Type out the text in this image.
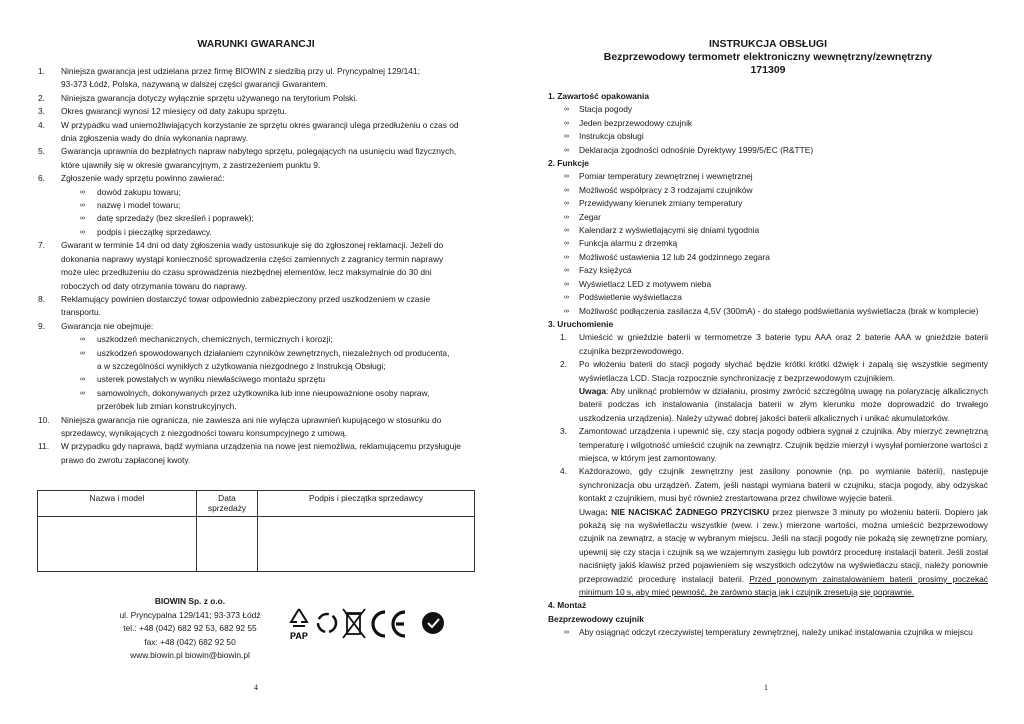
WARUNKI GWARANCJI
1.	Niniejsza gwarancja jest udzielana przez firmę BIOWIN z siedzibą przy ul. Pryncypalnej 129/141;
93-373 Łódź, Polska, nazywaną w dalszej części gwarancji Gwarantem.
2.	Niniejsza gwarancja dotyczy wyłącznie sprzętu używanego na terytorium Polski.
3.	Okres gwarancji wynosi 12 miesięcy od daty zakupu sprzętu.
4.	W przypadku wad uniemożliwiających korzystanie ze sprzętu okres gwarancji ulega przedłużeniu o czas od
dnia zgłoszenia wady do dnia wykonania naprawy.
5.	Gwarancja uprawnia do bezpłatnych napraw nabytego sprzętu, polegających na usunięciu wad fizycznych,
które ujawniły się w okresie gwarancyjnym, z zastrzeżeniem punktu 9.
6.	Zgłoszenie wady sprzętu powinno zawierać:
∞ dowód zakupu towaru;
∞ nazwę i model towaru;
∞ datę sprzedaży (bez skreśleń i poprawek);
∞ podpis i pieczątkę sprzedawcy.
7.	Gwarant w terminie 14 dni od daty zgłoszenia wady ustosunkuje się do zgłoszonej reklamacji. Jeżeli do
dokonania naprawy wystąpi konieczność sprowadzenia części zamiennych z zagranicy termin naprawy
może ulec przedłużeniu do czasu sprowadzenia niezbędnej elementów, lecz maksymalnie do 30 dni
roboczych od daty otrzymania towaru do naprawy.
8.	Reklamujący powinien dostarczyć towar odpowiednio zabezpieczony przed uszkodzeniem w czasie
transportu.
9.	Gwarancja nie obejmuje:
∞ uszkodzeń mechanicznych, chemicznych, termicznych i korozji;
∞ uszkodzeń spowodowanych działaniem czynników zewnętrznych, niezależnych od producenta,
a w szczególności wynikłych z użytkowania niezgodnego z Instrukcją Obsługi;
∞ usterek powstałych w wyniku niewłaściwego montażu sprzętu
∞ samowolnych, dokonywanych przez użytkownika lub inne nieupoważnione osoby napraw,
przeróbek lub zmian konstrukcyjnych.
10.	Niniejsza gwarancja nie ogranicza, nie zawiesza ani nie wyłącza uprawnień kupującego w stosunku do
sprzedawcy, wynikających z niezgodności towaru konsumpcyjnego z umową.
11.	W przypadku gdy naprawa, bądź wymiana urządzenia na nowe jest niemożliwa, reklamującemu przysługuje
prawo do zwrotu zapłaconej kwoty.
Nazwa i model	Data
sprzedaży	Podpis i pieczątka sprzedawcy

BIOWIN Sp. z o.o.
ul. Pryncypalna 129/141; 93-373 Łódź
tel.: +48 (042) 682 92 53, 682 92 55
fax: +48 (042) 682 92 50
www.biowin.pl biowin@biowin.pl
PAP
4
INSTRUKCJA OBSŁUGI
Bezprzewodowy termometr elektroniczny wewnętrzny/zewnętrzny
171309
1. Zawartość opakowania
∞ Stacja pogody
∞ Jeden bezprzewodowy czujnik
∞ Instrukcja obsługi
∞ Deklaracja zgodności odnośnie Dyrektywy 1999/5/EC (R&TTE)
2. Funkcje
∞ Pomiar temperatury zewnętrznej i wewnętrznej
∞ Możliwość współpracy z 3 rodzajami czujników
∞ Przewidywany kierunek zmiany temperatury
∞ Zegar
∞ Kalendarz z wyświetlającymi się dniami tygodnia
∞ Funkcja alarmu z drzemką
∞ Możliwość ustawienia 12 lub 24 godzinnego zegara
∞ Fazy księżyca
∞ Wyświetlacz LED z motywem nieba
∞ Podświetlenie wyświetlacza
∞ Możliwość podłączenia zasilacza 4,5V (300mA) - do stałego podświetlania wyświetlacza (brak w komplecie)
3. Uruchomienie
1. Umieścić w gnieździe baterii w termometrze 3 baterie typu AAA oraz 2 baterie AAA w gnieździe baterii czujnika bezprzewodowego.
2. Po włożeniu baterii do stacji pogody słychać będzie krótki krótki dźwięk i zapalą się wszystkie segmenty wyświetlacza LCD. Stacja rozpocznie synchronizację z bezprzewodowym czujnikiem.
Uwaga: Aby uniknąć problemów w działaniu, prosimy zwrócić szczególną uwagę na polaryzację alkalicznych baterii podczas ich instalowania (instalacja baterii w złym kierunku może doprowadzić do trwałego uszkodzenia urządzenia). Należy używać dobrej jakości baterii alkalicznych i unikać akumulatorków.
3. Zamontować urządzenia i upewnić się, czy stacja pogody odbiera sygnał z czujnika. Aby mierzyć zewnętrzną temperaturę i wilgotność umieścić czujnik na zewnątrz. Czujnik będzie mierzył i wysyłał pomierzone wartości z miejsca, w którym jest zamontowany.
4. Każdorazowo, gdy czujnik zewnętrzny jest zasilony ponownie (np. po wymianie baterii), następuje synchronizacja obu urządzeń. Zatem, jeśli nastąpi wymiana baterii w czujniku, stacja pogody, aby odzyskać kontakt z czujnikiem, musi być również zrestartowana przez chwilowe wyjęcie baterii.
Uwaga: NIE NACISKAĆ ŻADNEGO PRZYCISKU przez pierwsze 3 minuty po włożeniu baterii. Dopiero jak pokażą się na wyświetlaczu wszystkie (wew. i zew.) mierzone wartości, można umieścić bezprzewodowy czujnik na zewnątrz, a stację w wybranym miejscu. Jeśli na stacji pogody nie pokażą się zewnętrzne pomiary, upewnij się czy stacja i czujnik są we wzajemnym zasięgu lub powtórz procedurę instalacji baterii. Jeśli został naciśnięty jakiś klawisz przed pojawieniem się wszystkich odczytów na wyświetlaczu stacji, należy ponownie przeprowadzić procedurę instalacji baterii. Przed ponownym zainstalowaniem baterii prosimy poczekać minimum 10 s, aby mieć pewność, że zarówno stacja jak i czujnik zresetują się poprawnie.
4. Montaż
Bezprzewodowy czujnik
∞ Aby osiągnąć odczyt rzeczywistej temperatury zewnętrznej, należy unikać instalowania czujnika w miejscu
1
